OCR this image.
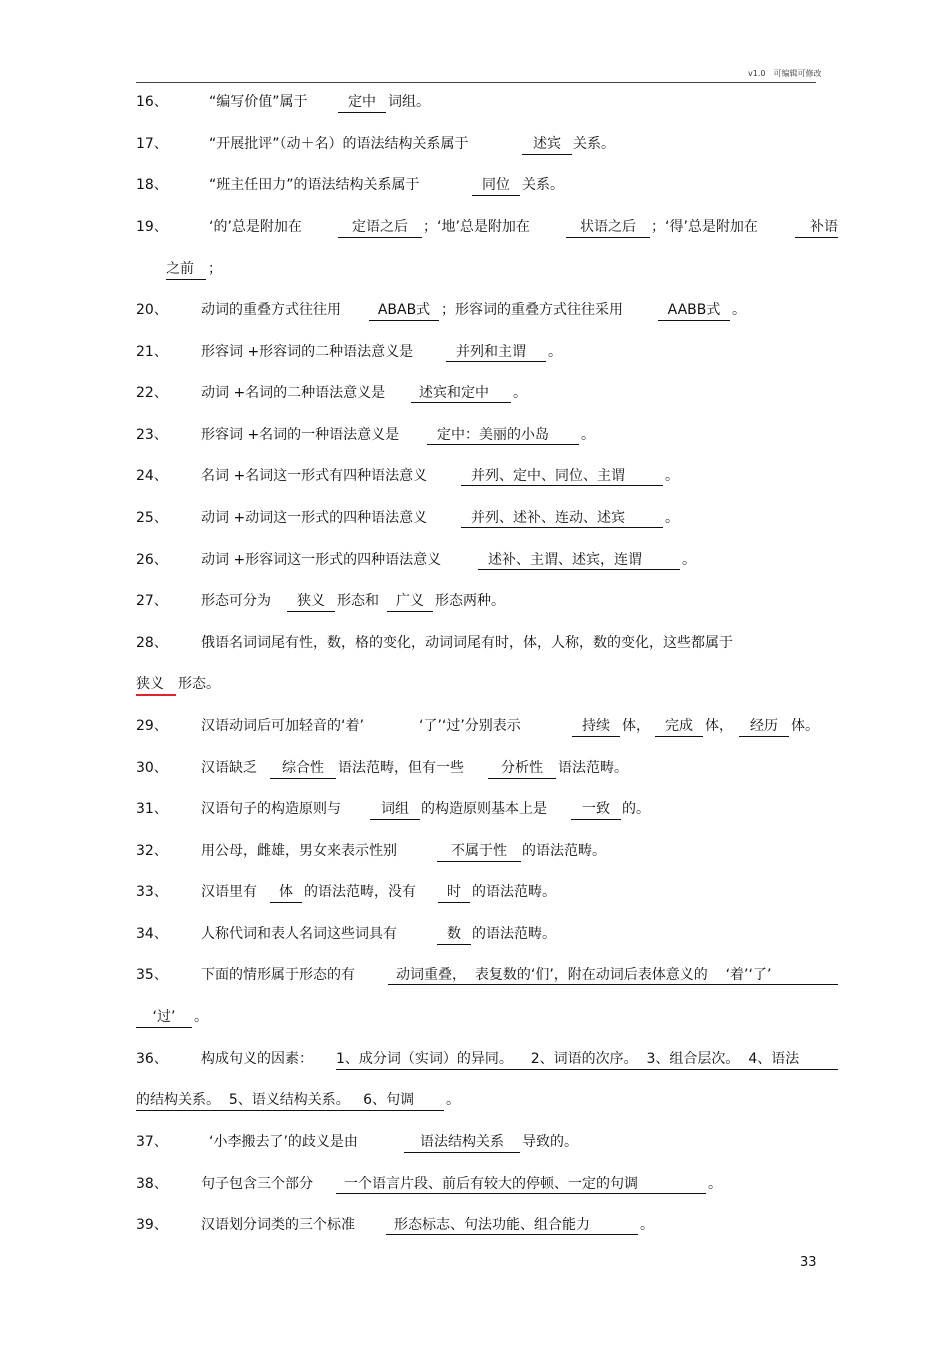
v1.0　可编辑可修改
16、	“编写价值”属于	定中 词组。
17、	“开展批评”（动＋名）的语法结构关系属于	述宾 关系。
18、	“班主任田力”的语法结构关系属于	同位 关系。
19、	‘的’总是附加在	定语之后	；‘地’总是附加在	状语之后	；‘得’总是附加在	补语
之前	；
20、 动词的重叠方式往往用	ABAB式 ；形容词的重叠方式往往采用	AABB式 。
21、 形容词 +形容词的二种语法意义是	并列和主谓	。
22、 动词 +名词的二种语法意义是	述宾和定中	。
23、 形容词 +名词的一种语法意义是	定中：美丽的小岛	。
24、 名词 +名词这一形式有四种语法意义	并列、定中、同位、主谓	。
25、 动词 +动词这一形式的四种语法意义	并列、述补、连动、述宾	。
26、 动词 +形容词这一形式的四种语法意义	述补、主谓、述宾，连谓	。
27、 形态可分为	狭义 形态和	广义 形态两种。
28、 俄语名词词尾有性，数，格的变化，动词词尾有时，体，人称，数的变化，这些都属于
狭义	形态。
29、 汉语动词后可加轻音的‘着’	‘了’‘过’分别表示	持续 体，	完成 体，	经历 体。
30、 汉语缺乏	综合性	语法范畴，但有一些	分析性	语法范畴。
31、 汉语句子的构造原则与	词组 的构造原则基本上是	一致 的。
32、 用公母，雌雄，男女来表示性别	不属于性	的语法范畴。
33、 汉语里有	体 的语法范畴，没有	时 的语法范畴。
34、 人称代词和表人名词这些词具有	数 的语法范畴。
35、 下面的情形属于形态的有	动词重叠，  表复数的‘们’，附在动词后表体意义的    ‘着’‘了’
‘过’	。
36、 构成句义的因素： 1、成分词（实词）的异同。    2、词语的次序。  3、组合层次。  4、语法
的结构关系。  5、语义结构关系。   6、句调	。
37、	‘小李搬去了’的歧义是由	语法结构关系	导致的。
38、 句子包含三个部分	一个语言片段、前后有较大的停顿、一定的句调	。
39、 汉语划分词类的三个标准	形态标志、句法功能、组合能力	。
33
